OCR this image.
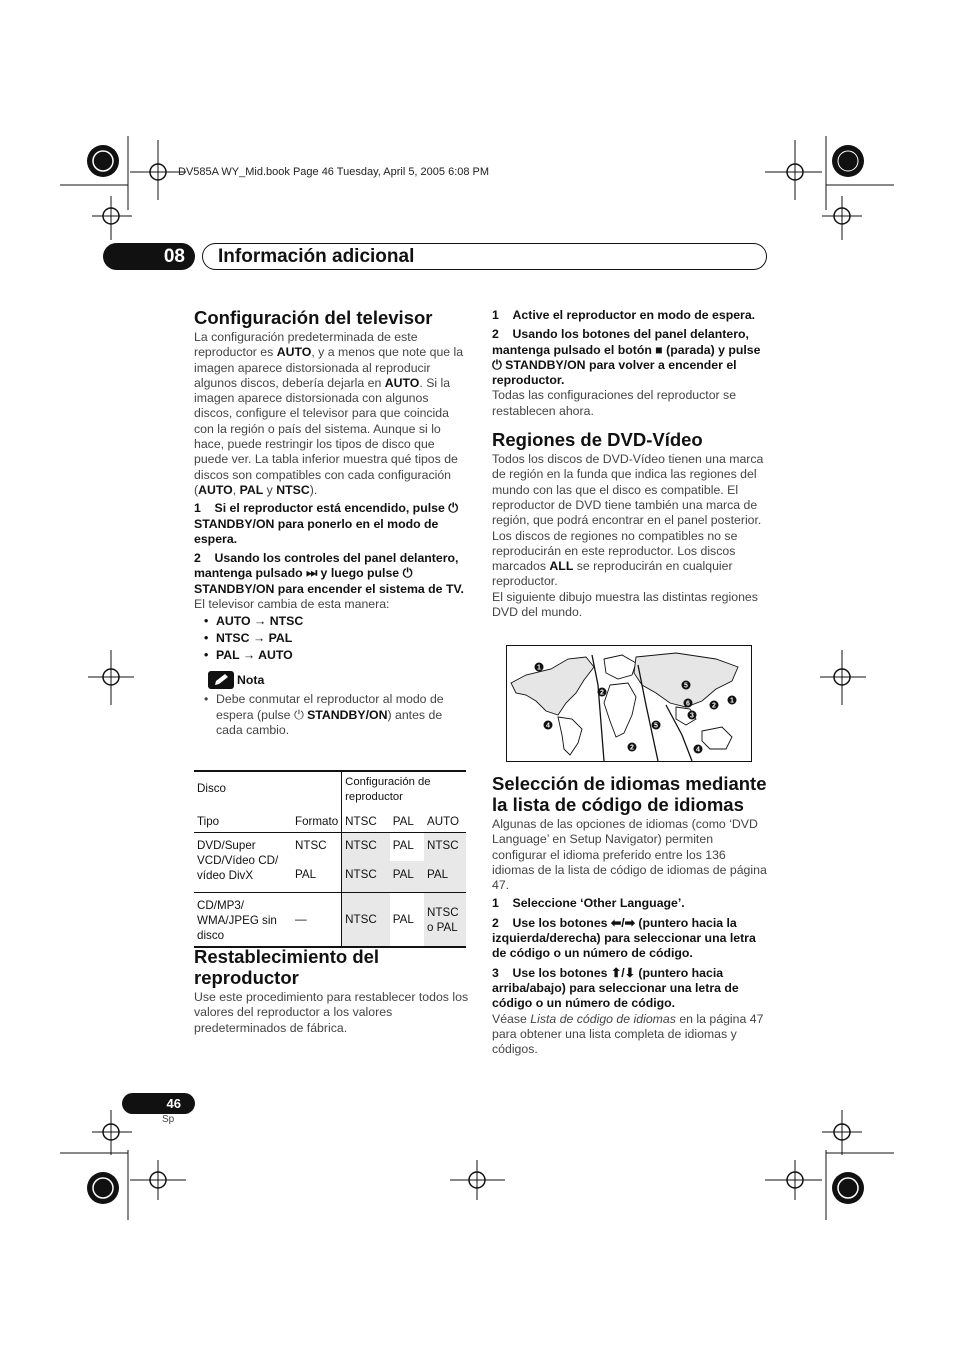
DV585A WY_Mid.book Page 46 Tuesday, April 5, 2005 6:08 PM
08	Información adicional
Configuración del televisor

La configuración predeterminada de este reproductor es AUTO, y a menos que note que la imagen aparece distorsionada al reproducir algunos discos, debería dejarla en AUTO. Si la imagen aparece distorsionada con algunos discos, configure el televisor para que coincida con la región o país del sistema. Aunque si lo hace, puede restringir los tipos de disco que puede ver. La tabla inferior muestra qué tipos de discos son compatibles con cada configuración (AUTO, PAL y NTSC).

1 Si el reproductor está encendido, pulse ⏻ STANDBY/ON para ponerlo en el modo de espera.

2 Usando los controles del panel delantero, mantenga pulsado ⏭ y luego pulse ⏻ STANDBY/ON para encender el sistema de TV.

El televisor cambia de esta manera:

• AUTO → NTSC
• NTSC → PAL
• PAL → AUTO
Nota

• Debe conmutar el reproductor al modo de espera (pulse ⏻ STANDBY/ON) antes de cada cambio.

Disco		Configuración de reproductor		
Tipo	Formato	NTSC	PAL	AUTO
DVD/Super VCD/Vídeo CD/ vídeo DivX	NTSC	NTSC	PAL	NTSC
	PAL	NTSC	PAL	PAL
CD/MP3/ WMA/JPEG sin disco	—	NTSC	PAL	NTSC o PAL
Restablecimiento del
reproductor

Use este procedimiento para restablecer todos los valores del reproductor a los valores predeterminados de fábrica.

1 Active el reproductor en modo de espera.

2 Usando los botones del panel delantero, mantenga pulsado el botón ■ (parada) y pulse ⏻ STANDBY/ON para volver a encender el reproductor.

Todas las configuraciones del reproductor se restablecen ahora.

Regiones de DVD-Vídeo

Todos los discos de DVD-Vídeo tienen una marca de región en la funda que indica las regiones del mundo con las que el disco es compatible. El reproductor de DVD tiene también una marca de región, que podrá encontrar en el panel posterior. Los discos de regiones no compatibles no se reproducirán en este reproductor. Los discos marcados ALL se reproducirán en cualquier reproductor.

El siguiente dibujo muestra las distintas regiones DVD del mundo.

1
2
4
5
6	2
1
3
5
2	4
Selección de idiomas mediante
la lista de código de idiomas

Algunas de las opciones de idiomas (como ‘DVD Language’ en Setup Navigator) permiten configurar el idioma preferido entre los 136 idiomas de la lista de código de idiomas de página 47.

1 Seleccione ‘Other Language’.

2 Use los botones ⬅/➡ (puntero hacia la izquierda/derecha) para seleccionar una letra de código o un número de código.

3 Use los botones ⬆/⬇ (puntero hacia arriba/abajo) para seleccionar una letra de código o un número de código.

Véase Lista de código de idiomas en la página 47 para obtener una lista completa de idiomas y códigos.

46
Sp
